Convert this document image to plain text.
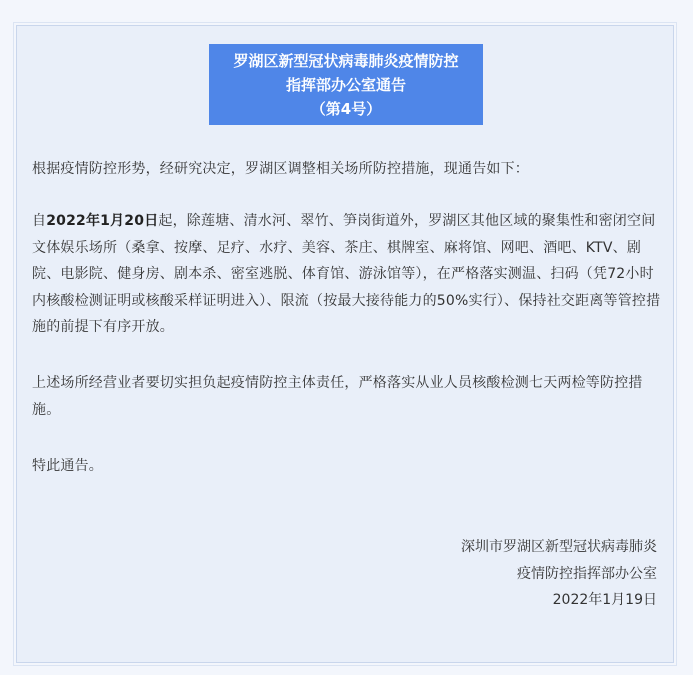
罗湖区新型冠状病毒肺炎疫情防控
指挥部办公室通告
（第4号）
根据疫情防控形势，经研究决定，罗湖区调整相关场所防控措施，现通告如下：
自2022年1月20日起，除莲塘、清水河、翠竹、笋岗街道外，罗湖区其他区域的聚集性和密闭空间文体娱乐场所（桑拿、按摩、足疗、水疗、美容、茶庄、棋牌室、麻将馆、网吧、酒吧、KTV、剧院、电影院、健身房、剧本杀、密室逃脱、体育馆、游泳馆等），在严格落实测温、扫码（凭72小时内核酸检测证明或核酸采样证明进入）、限流（按最大接待能力的50%实行）、保持社交距离等管控措施的前提下有序开放。
上述场所经营业者要切实担负起疫情防控主体责任，严格落实从业人员核酸检测七天两检等防控措施。
特此通告。
深圳市罗湖区新型冠状病毒肺炎
疫情防控指挥部办公室
2022年1月19日
